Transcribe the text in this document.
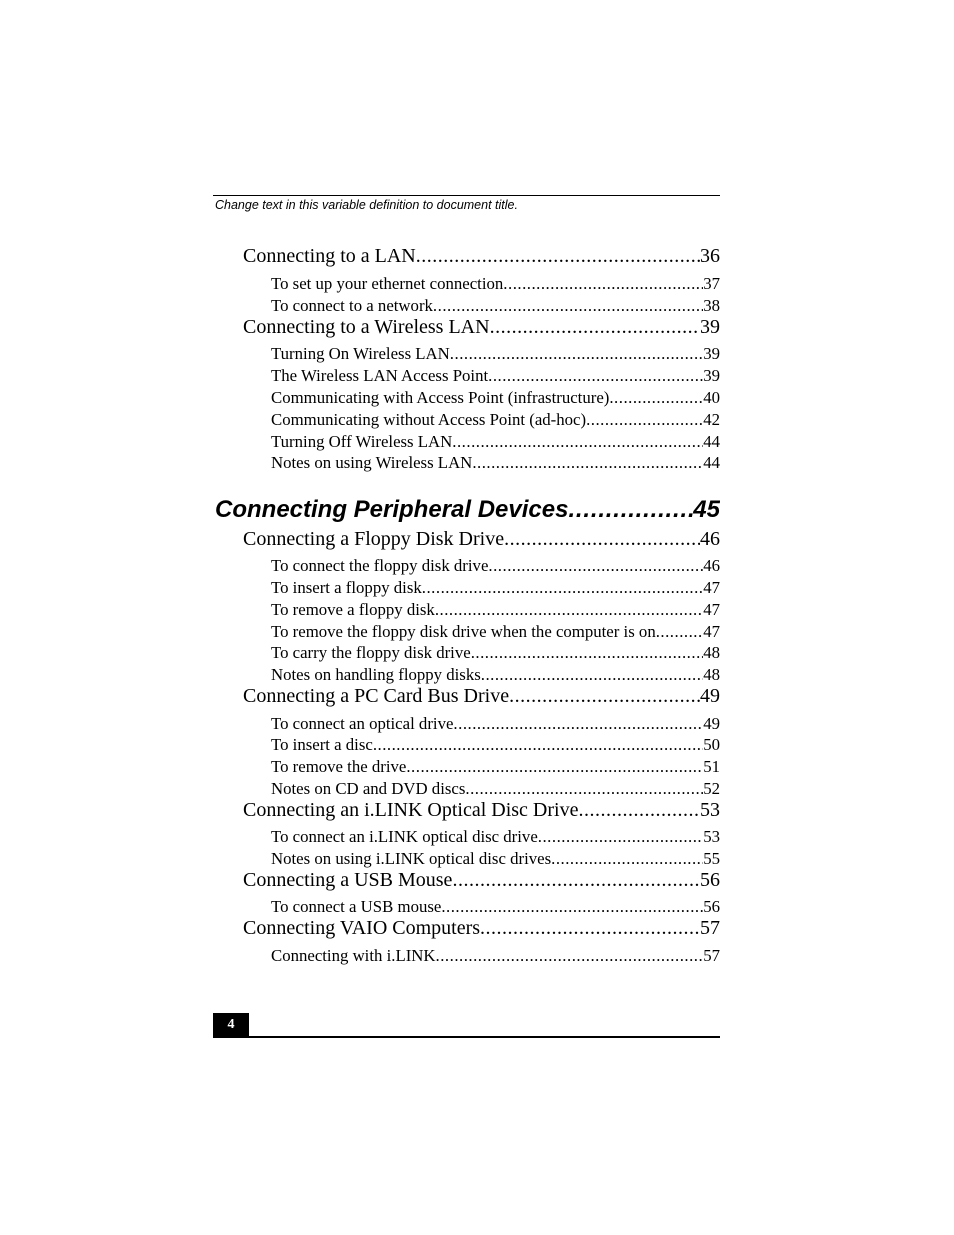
Change text in this variable definition to document title.
Connecting to a LAN .....	36
To set up your ethernet connection .....	37
To connect to a network .....	38
Connecting to a Wireless LAN .....	39
Turning On Wireless LAN .....	39
The Wireless LAN Access Point .....	39
Communicating with Access Point (infrastructure) .....	40
Communicating without Access Point (ad-hoc) .....	42
Turning Off Wireless LAN .....	44
Notes on using Wireless LAN .....	44
Connecting Peripheral Devices .....	45
Connecting a Floppy Disk Drive .....	46
To connect the floppy disk drive .....	46
To insert a floppy disk .....	47
To remove a floppy disk .....	47
To remove the floppy disk drive when the computer is on .....	47
To carry the floppy disk drive .....	48
Notes on handling floppy disks .....	48
Connecting a PC Card Bus Drive .....	49
To connect an optical drive .....	49
To insert a disc .....	50
To remove the drive .....	51
Notes on CD and DVD discs .....	52
Connecting an i.LINK Optical Disc Drive .....	53
To connect an i.LINK optical disc drive .....	53
Notes on using i.LINK optical disc drives .....	55
Connecting a USB Mouse .....	56
To connect a USB mouse .....	56
Connecting VAIO Computers .....	57
Connecting with i.LINK .....	57
4
